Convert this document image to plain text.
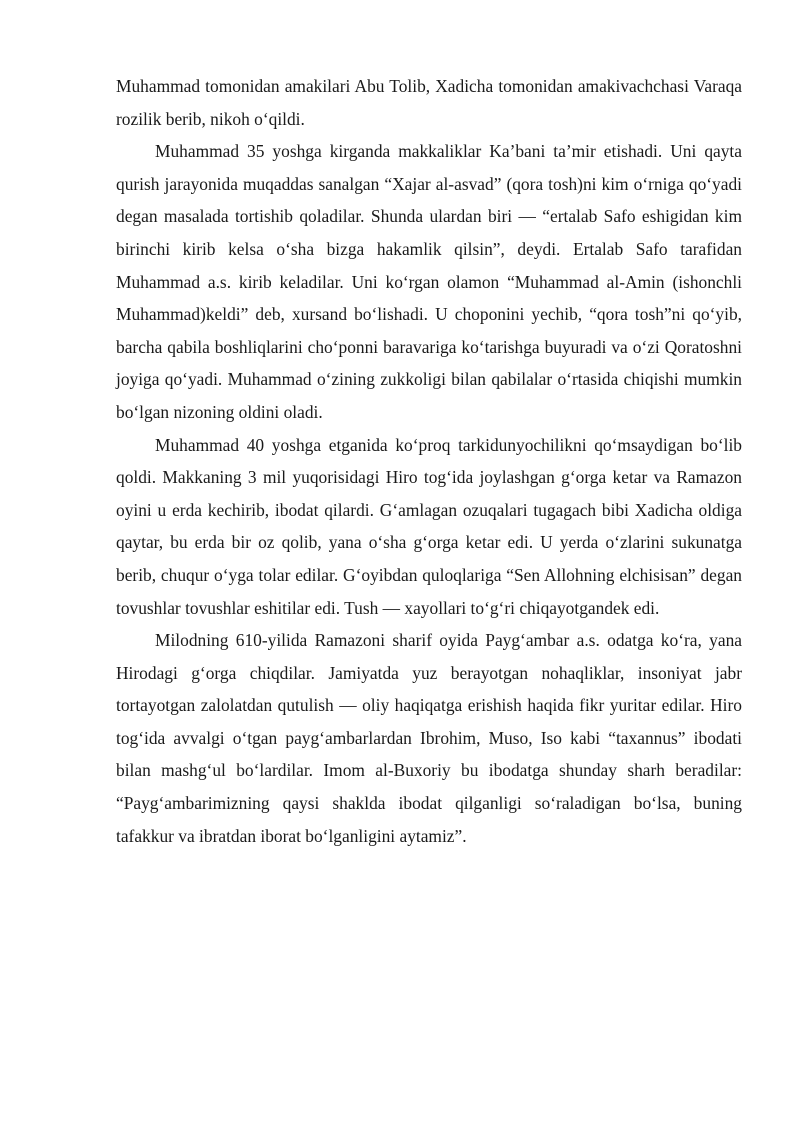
Muhammad tomonidan amakilari Abu Tolib, Xadicha tomonidan amakivachchasi Varaqa rozilik berib, nikoh o‘qildi.

Muhammad 35 yoshga kirganda makkaliklar Ka’bani ta’mir etishadi. Uni qayta qurish jarayonida muqaddas sanalgan “Xajar al-asvad” (qora tosh)ni kim o‘rniga qo‘yadi degan masalada tortishib qoladilar. Shunda ulardan biri — “ertalab Safo eshigidan kim birinchi kirib kelsa o‘sha bizga hakamlik qilsin”, deydi. Ertalab Safo tarafidan Muhammad a.s. kirib keladilar. Uni ko‘rgan olamon “Muhammad al-Amin (ishonchli Muhammad)keldi” deb, xursand bo‘lishadi. U choponini yechib, “qora tosh”ni qo‘yib, barcha qabila boshliqlarini cho‘ponni baravariga ko‘tarishga buyuradi va o‘zi Qoratoshni joyiga qo‘yadi. Muhammad o‘zining zukkoligi bilan qabilalar o‘rtasida chiqishi mumkin bo‘lgan nizoning oldini oladi.

Muhammad 40 yoshga etganida ko‘proq tarkidunyochilikni qo‘msaydigan bo‘lib qoldi. Makkaning 3 mil yuqorisidagi Hiro tog‘ida joylashgan g‘orga ketar va Ramazon oyini u erda kechirib, ibodat qilardi. G‘amlagan ozuqalari tugagach bibi Xadicha oldiga qaytar, bu erda bir oz qolib, yana o‘sha g‘orga ketar edi. U yerda o‘zlarini sukunatga berib, chuqur o‘yga tolar edilar. G‘oyibdan quloqlariga “Sen Allohning elchisisan” degan tovushlar tovushlar eshitilar edi. Tush — xayollari to‘g‘ri chiqayotgandek edi.

Milodning 610-yilida Ramazoni sharif oyida Payg‘ambar a.s. odatga ko‘ra, yana Hirodagi g‘orga chiqdilar. Jamiyatda yuz berayotgan nohaqliklar, insoniyat jabr tortayotgan zalolatdan qutulish — oliy haqiqatga erishish haqida fikr yuritar edilar. Hiro tog‘ida avvalgi o‘tgan payg‘ambarlardan Ibrohim, Muso, Iso kabi “taxannus” ibodati bilan mashg‘ul bo‘lardilar. Imom al-Buxoriy bu ibodatga shunday sharh beradilar: “Payg‘ambarimizning qaysi shaklda ibodat qilganligi so‘raladigan bo‘lsa, buning tafakkur va ibratdan iborat bo‘lganligini aytamiz”.
